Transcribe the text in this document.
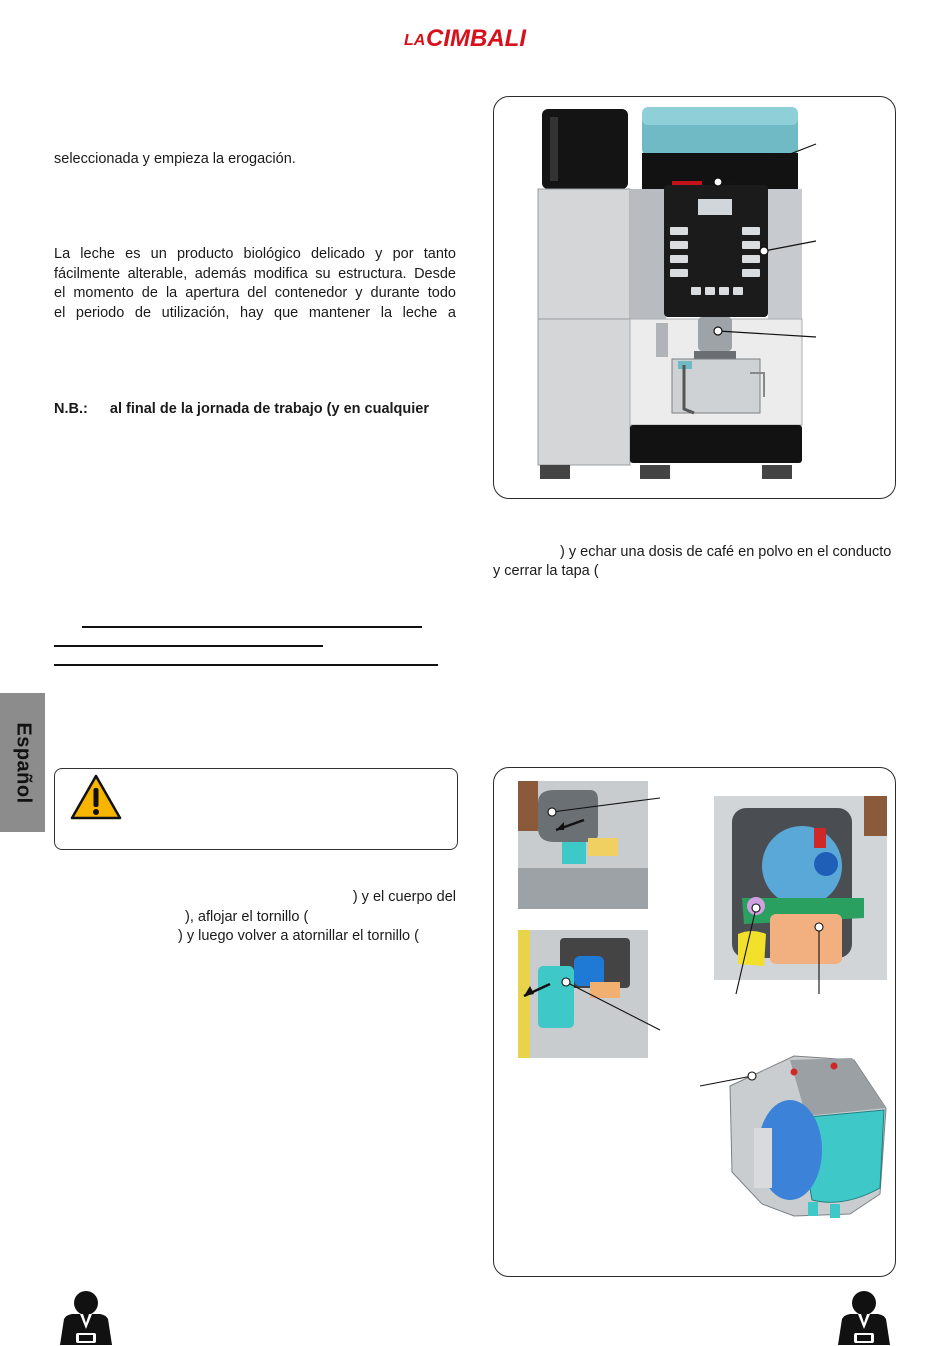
LA CIMBALI
seleccionada y empieza la erogación.
La leche es un producto biológico delicado y por tanto
fácilmente alterable, además modifica su estructura. Desde
el momento de la apertura del contenedor y durante todo
el periodo de utilización, hay que mantener la leche a
N.B.: al final de la jornada de trabajo (y en cualquier
Español
) y el cuerpo del
), aflojar el tornillo (
) y luego volver a atornillar el tornillo (
) y echar una dosis de café en polvo en el conducto
y cerrar la tapa (
